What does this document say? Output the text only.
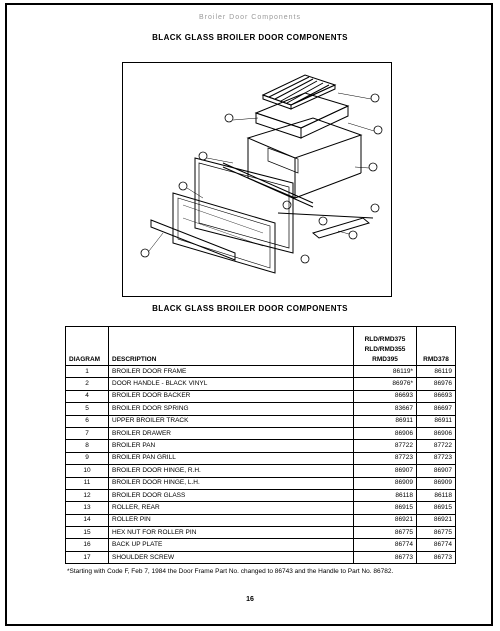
Broiler Door Components
BLACK GLASS BROILER DOOR COMPONENTS
BLACK GLASS BROILER DOOR COMPONENTS
DIAGRAM	DESCRIPTION	RLD/RMD375
RLD/RMD355
RMD395	RMD378
1	BROILER DOOR FRAME	86119*	86119
2	DOOR HANDLE - BLACK VINYL	86976*	86976
4	BROILER DOOR BACKER	86693	86693
5	BROILER DOOR SPRING	83667	86697
6	UPPER BROILER TRACK	86911	86911
7	BROILER DRAWER	86906	86906
8	BROILER PAN	87722	87722
9	BROILER PAN GRILL	87723	87723
10	BROILER DOOR HINGE, R.H.	86907	86907
11	BROILER DOOR HINGE, L.H.	86909	86909
12	BROILER DOOR GLASS	86118	86118
13	ROLLER, REAR	86915	86915
14	ROLLER PIN	86921	86921
15	HEX NUT FOR ROLLER PIN	86775	86775
16	BACK UP PLATE	86774	86774
17	SHOULDER SCREW	86773	86773
*Starting with Code F, Feb 7, 1984 the Door Frame Part No. changed to 86743 and the Handle to Part No. 86782.
16
